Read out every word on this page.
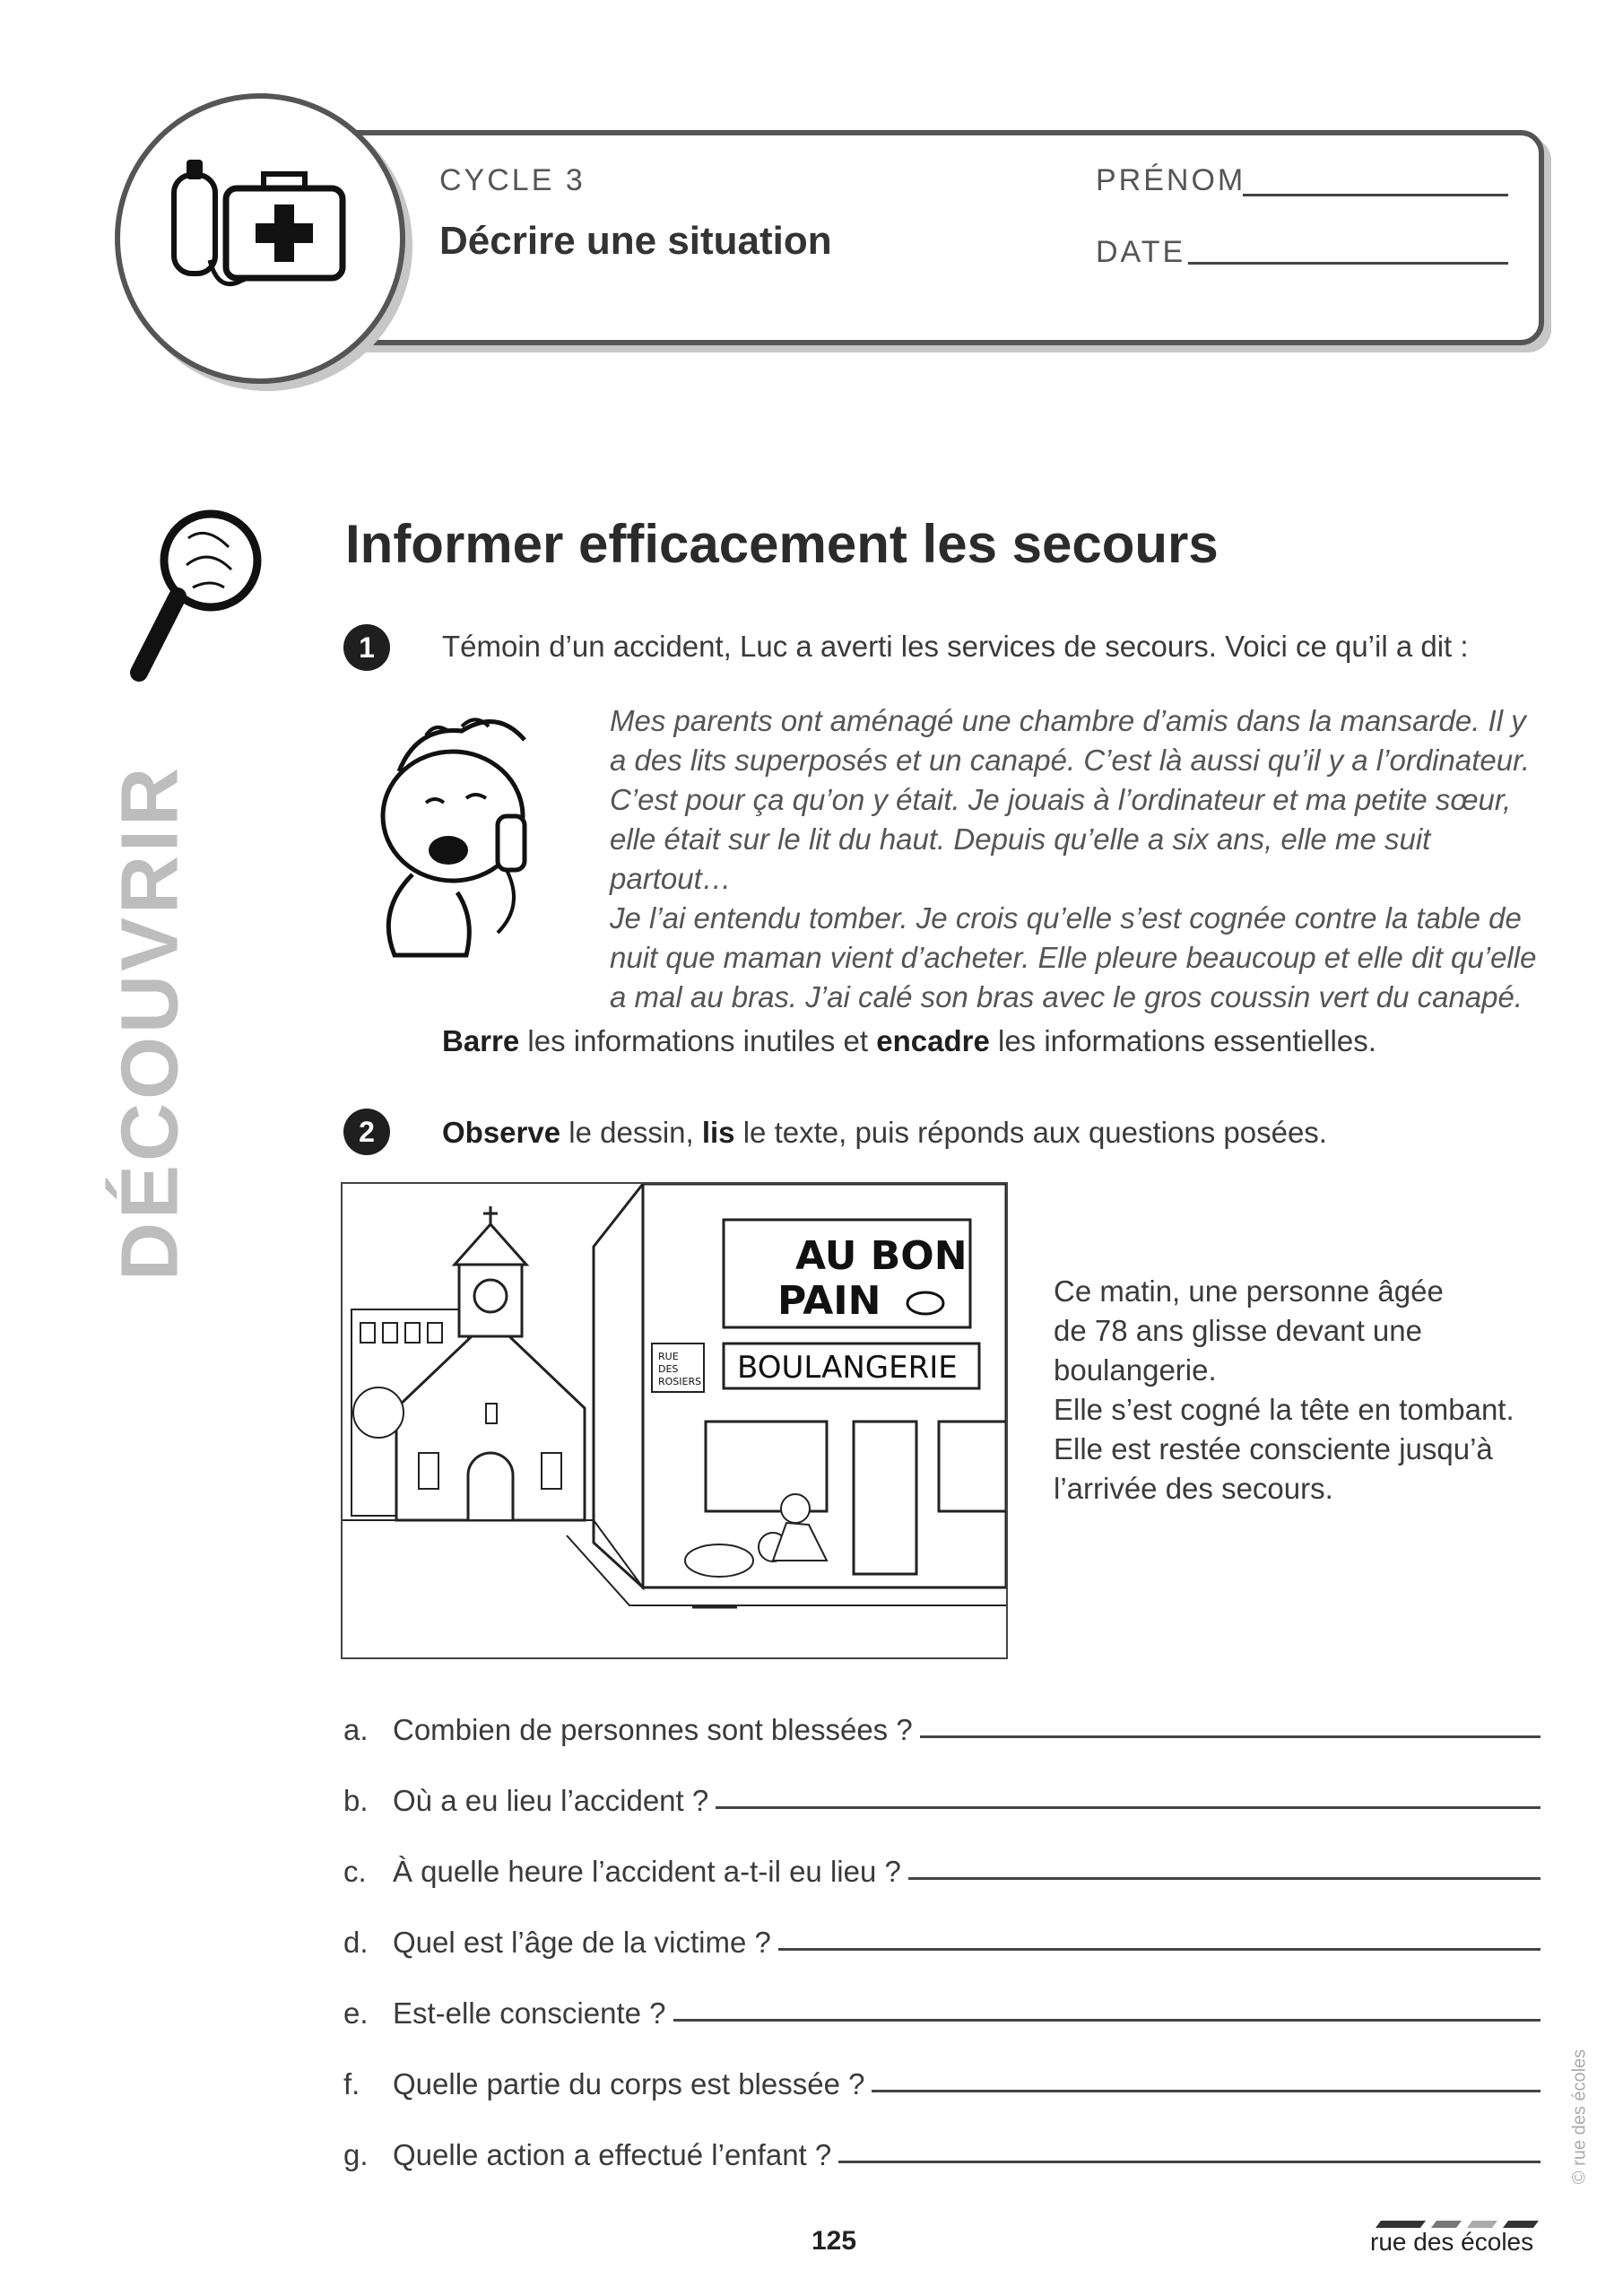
CYCLE 3
Décrire une situation
PRÉNOM
DATE
DÉCOUVRIR
Informer efficacement les secours
1	Témoin d’un accident, Luc a averti les services de secours. Voici ce qu’il a dit :

Mes parents ont aménagé une chambre d’amis dans la mansarde. Il y

a des lits superposés et un canapé. C’est là aussi qu’il y a l’ordinateur.

C’est pour ça qu’on y était. Je jouais à l’ordinateur et ma petite sœur,

elle était sur le lit du haut. Depuis qu’elle a six ans, elle me suit partout…

Je l’ai entendu tomber. Je crois qu’elle s’est cognée contre la table de

nuit que maman vient d’acheter. Elle pleure beaucoup et elle dit qu’elle

a mal au bras. J’ai calé son bras avec le gros coussin vert du canapé.

Barre les informations inutiles et encadre les informations essentielles.
2	Observe le dessin, lis le texte, puis réponds aux questions posées.
AU BON
PAIN
BOULANGERIE
RUE
DES
ROSIERS

Ce matin, une personne âgée

de 78 ans glisse devant une

boulangerie.

Elle s’est cogné la tête en tombant.

Elle est restée consciente jusqu’à

l’arrivée des secours.

a. Combien de personnes sont blessées ?
b. Où a eu lieu l’accident ?
c. À quelle heure l’accident a-t-il eu lieu ?
d. Quel est l’âge de la victime ?
e. Est-elle consciente ?
f.	Quelle partie du corps est blessée ?
g. Quelle action a effectué l’enfant ?
125	rue des écoles
© rue des écoles
